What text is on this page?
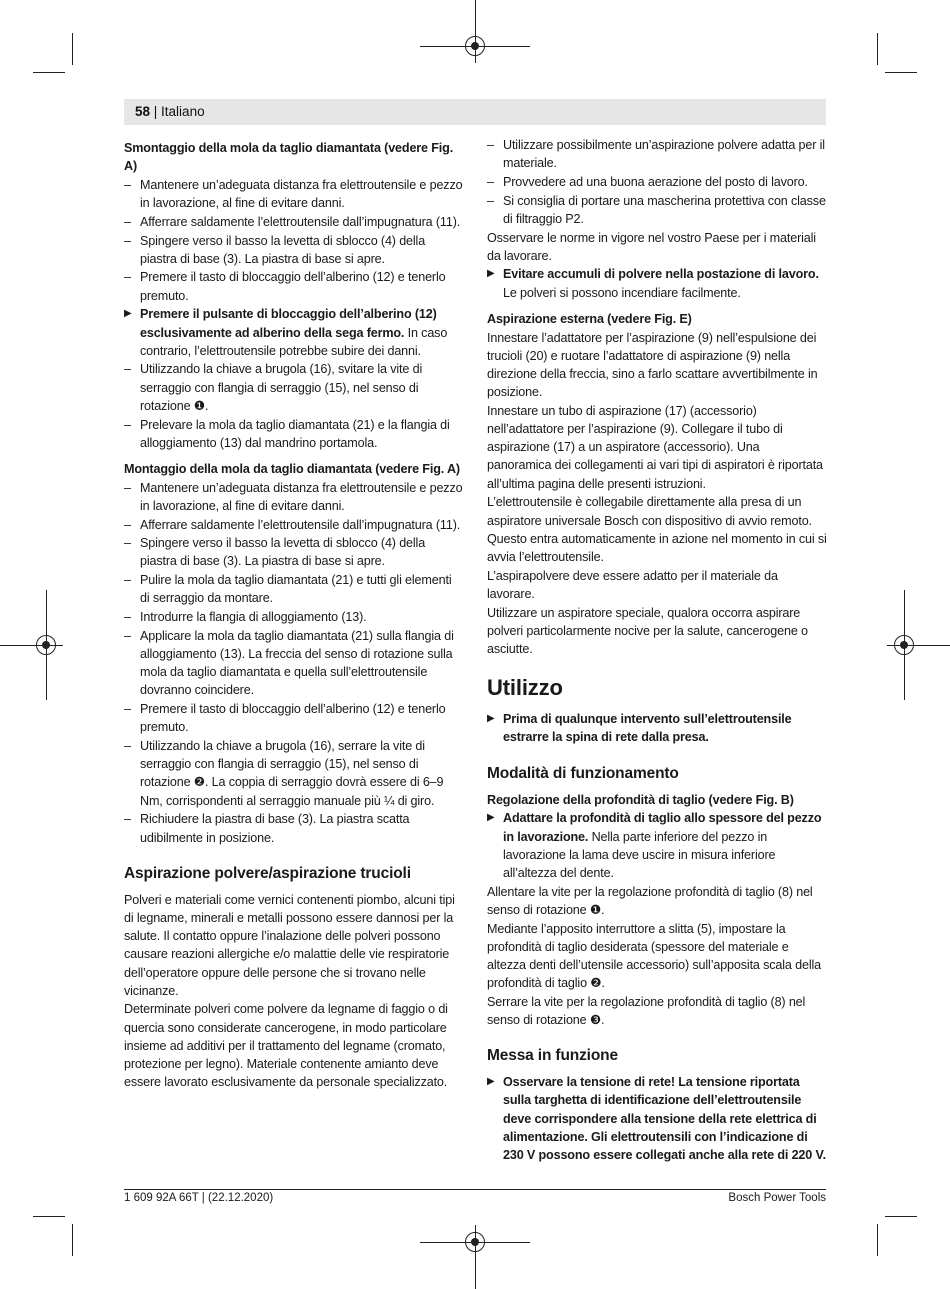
58 | Italiano

Smontaggio della mola da taglio diamantata (vedere Fig. A)

– Mantenere un’adeguata distanza fra elettroutensile e pezzo in lavorazione, al fine di evitare danni.

– Afferrare saldamente l’elettroutensile dall’impugnatura (11).

– Spingere verso il basso la levetta di sblocco (4) della piastra di base (3). La piastra di base si apre.

– Premere il tasto di bloccaggio dell’alberino (12) e tenerlo premuto.

▶ Premere il pulsante di bloccaggio dell’alberino (12) esclusivamente ad alberino della sega fermo. In caso contrario, l’elettroutensile potrebbe subire dei danni.

– Utilizzando la chiave a brugola (16), svitare la vite di serraggio con flangia di serraggio (15), nel senso di rotazione ❶.

– Prelevare la mola da taglio diamantata (21) e la flangia di alloggiamento (13) dal mandrino portamola.

Montaggio della mola da taglio diamantata (vedere Fig. A)

– Mantenere un’adeguata distanza fra elettroutensile e pezzo in lavorazione, al fine di evitare danni.

– Afferrare saldamente l’elettroutensile dall’impugnatura (11).

– Spingere verso il basso la levetta di sblocco (4) della piastra di base (3). La piastra di base si apre.

– Pulire la mola da taglio diamantata (21) e tutti gli elementi di serraggio da montare.

– Introdurre la flangia di alloggiamento (13).

– Applicare la mola da taglio diamantata (21) sulla flangia di alloggiamento (13). La freccia del senso di rotazione sulla mola da taglio diamantata e quella sull’elettroutensile dovranno coincidere.

– Premere il tasto di bloccaggio dell’alberino (12) e tenerlo premuto.

– Utilizzando la chiave a brugola (16), serrare la vite di serraggio con flangia di serraggio (15), nel senso di rotazione ❷. La coppia di serraggio dovrà essere di 6–9 Nm, corrispondenti al serraggio manuale più ¼ di giro.

– Richiudere la piastra di base (3). La piastra scatta udibilmente in posizione.

Aspirazione polvere/aspirazione trucioli

Polveri e materiali come vernici contenenti piombo, alcuni tipi di legname, minerali e metalli possono essere dannosi per la salute. Il contatto oppure l’inalazione delle polveri possono causare reazioni allergiche e/o malattie delle vie respiratorie dell’operatore oppure delle persone che si trovano nelle vicinanze.

Determinate polveri come polvere da legname di faggio o di quercia sono considerate cancerogene, in modo particolare insieme ad additivi per il trattamento del legname (cromato, protezione per legno). Materiale contenente amianto deve essere lavorato esclusivamente da personale specializzato.

– Utilizzare possibilmente un’aspirazione polvere adatta per il materiale.

– Provvedere ad una buona aerazione del posto di lavoro.

– Si consiglia di portare una mascherina protettiva con classe di filtraggio P2.

Osservare le norme in vigore nel vostro Paese per i materiali da lavorare.

▶ Evitare accumuli di polvere nella postazione di lavoro. Le polveri si possono incendiare facilmente.

Aspirazione esterna (vedere Fig. E)

Innestare l’adattatore per l’aspirazione (9) nell’espulsione dei trucioli (20) e ruotare l’adattatore di aspirazione (9) nella direzione della freccia, sino a farlo scattare avvertibilmente in posizione.

Innestare un tubo di aspirazione (17) (accessorio) nell’adattatore per l’aspirazione (9). Collegare il tubo di aspirazione (17) a un aspiratore (accessorio). Una panoramica dei collegamenti ai vari tipi di aspiratori è riportata all’ultima pagina delle presenti istruzioni.

L’elettroutensile è collegabile direttamente alla presa di un aspiratore universale Bosch con dispositivo di avvio remoto. Questo entra automaticamente in azione nel momento in cui si avvia l’elettroutensile.

L’aspirapolvere deve essere adatto per il materiale da lavorare.

Utilizzare un aspiratore speciale, qualora occorra aspirare polveri particolarmente nocive per la salute, cancerogene o asciutte.

Utilizzo

▶ Prima di qualunque intervento sull’elettroutensile estrarre la spina di rete dalla presa.

Modalità di funzionamento

Regolazione della profondità di taglio (vedere Fig. B)

▶ Adattare la profondità di taglio allo spessore del pezzo in lavorazione. Nella parte inferiore del pezzo in lavorazione la lama deve uscire in misura inferiore all’altezza del dente.

Allentare la vite per la regolazione profondità di taglio (8) nel senso di rotazione ❶.

Mediante l’apposito interruttore a slitta (5), impostare la profondità di taglio desiderata (spessore del materiale e altezza denti dell’utensile accessorio) sull’apposita scala della profondità di taglio ❷.

Serrare la vite per la regolazione profondità di taglio (8) nel senso di rotazione ❸.

Messa in funzione

▶ Osservare la tensione di rete! La tensione riportata sulla targhetta di identificazione dell’elettroutensile deve corrispondere alla tensione della rete elettrica di alimentazione. Gli elettroutensili con l’indicazione di 230 V possono essere collegati anche alla rete di 220 V.

1 609 92A 66T | (22.12.2020)	Bosch Power Tools
